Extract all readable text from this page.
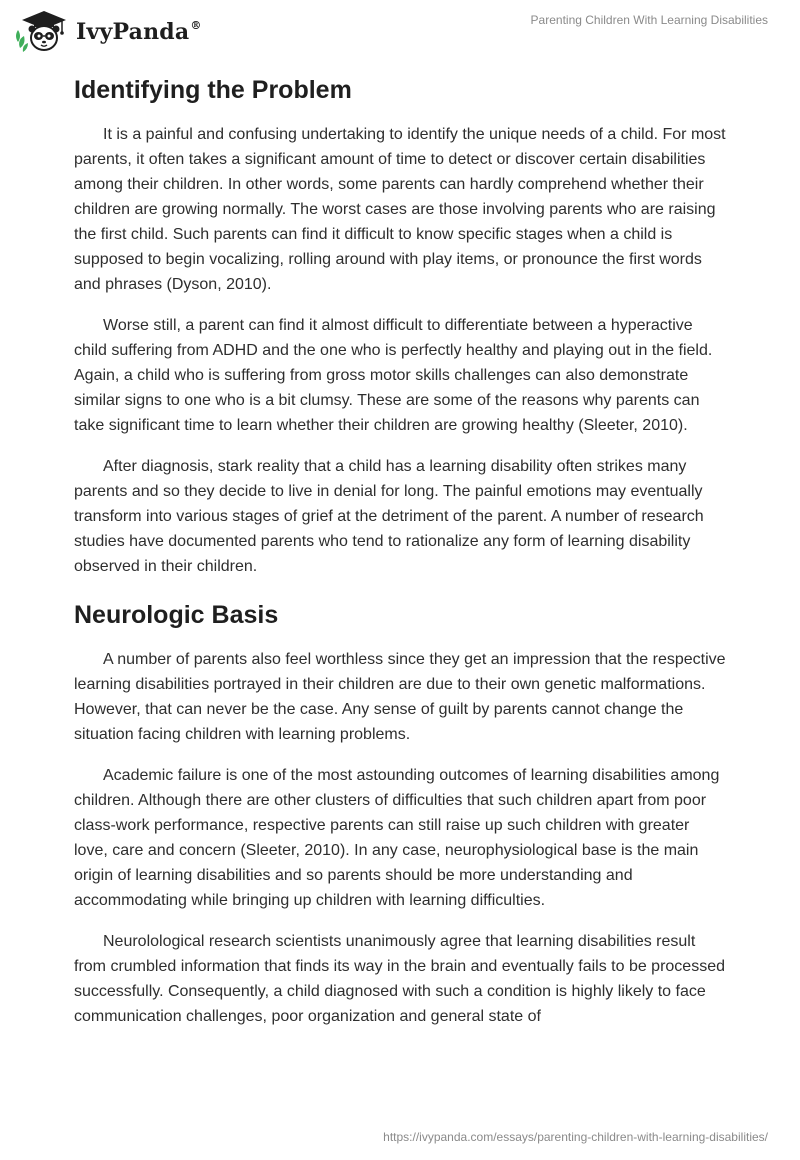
IvyPanda®	Parenting Children With Learning Disabilities
Identifying the Problem

It is a painful and confusing undertaking to identify the unique needs of a child. For most parents, it often takes a significant amount of time to detect or discover certain disabilities among their children. In other words, some parents can hardly comprehend whether their children are growing normally. The worst cases are those involving parents who are raising the first child. Such parents can find it difficult to know specific stages when a child is supposed to begin vocalizing, rolling around with play items, or pronounce the first words and phrases (Dyson, 2010).

Worse still, a parent can find it almost difficult to differentiate between a hyperactive child suffering from ADHD and the one who is perfectly healthy and playing out in the field. Again, a child who is suffering from gross motor skills challenges can also demonstrate similar signs to one who is a bit clumsy. These are some of the reasons why parents can take significant time to learn whether their children are growing healthy (Sleeter, 2010).

After diagnosis, stark reality that a child has a learning disability often strikes many parents and so they decide to live in denial for long. The painful emotions may eventually transform into various stages of grief at the detriment of the parent. A number of research studies have documented parents who tend to rationalize any form of learning disability observed in their children.

Neurologic Basis

A number of parents also feel worthless since they get an impression that the respective learning disabilities portrayed in their children are due to their own genetic malformations. However, that can never be the case. Any sense of guilt by parents cannot change the situation facing children with learning problems.

Academic failure is one of the most astounding outcomes of learning disabilities among children. Although there are other clusters of difficulties that such children apart from poor class-work performance, respective parents can still raise up such children with greater love, care and concern (Sleeter, 2010). In any case, neurophysiological base is the main origin of learning disabilities and so parents should be more understanding and accommodating while bringing up children with learning difficulties.

Neurolological research scientists unanimously agree that learning disabilities result from crumbled information that finds its way in the brain and eventually fails to be processed successfully. Consequently, a child diagnosed with such a condition is highly likely to face communication challenges, poor organization and general state of

https://ivypanda.com/essays/parenting-children-with-learning-disabilities/
